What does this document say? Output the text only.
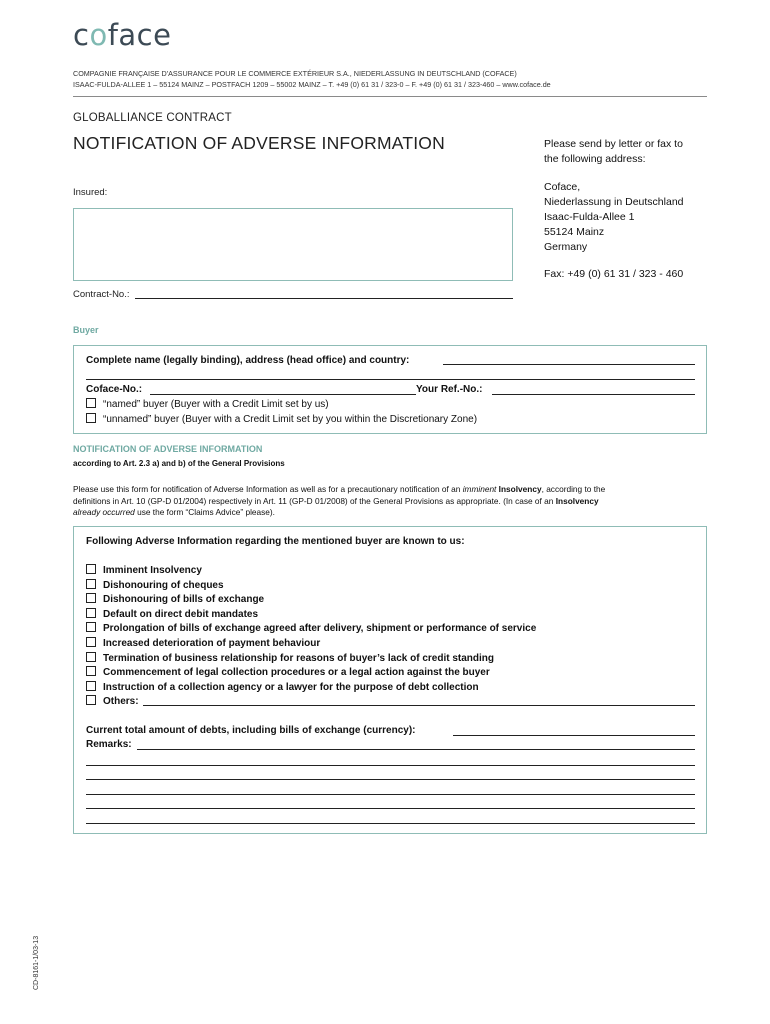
coface
COMPAGNIE FRANÇAISE D'ASSURANCE POUR LE COMMERCE EXTÉRIEUR S.A., NIEDERLASSUNG IN DEUTSCHLAND (COFACE)
ISAAC-FULDA-ALLEE 1 – 55124 MAINZ – POSTFACH 1209 – 55002 MAINZ – T. +49 (0) 61 31 / 323-0 – F. +49 (0) 61 31 / 323-460 – www.coface.de
GLOBALLIANCE CONTRACT
NOTIFICATION OF ADVERSE INFORMATION	Please send by letter or fax to
the following address:
Coface,
Niederlassung in Deutschland
Isaac-Fulda-Allee 1
55124 Mainz
Germany
Fax: +49 (0) 61 31 / 323 - 460
Insured:
Contract-No.:
Buyer
Complete name (legally binding), address (head office) and country:
Coface-No.:	Your Ref.-No.:
“named” buyer (Buyer with a Credit Limit set by us)
“unnamed” buyer (Buyer with a Credit Limit set by you within the Discretionary Zone)
NOTIFICATION OF ADVERSE INFORMATION
according to Art. 2.3 a) and b) of the General Provisions
Please use this form for notification of Adverse Information as well as for a precautionary notification of an imminent Insolvency, according to the
definitions in Art. 10 (GP-D 01/2004) respectively in Art. 11 (GP-D 01/2008) of the General Provisions as appropriate. (In case of an Insolvency
already occurred use the form “Claims Advice” please).
Following Adverse Information regarding the mentioned buyer are known to us:
Imminent Insolvency
Dishonouring of cheques
Dishonouring of bills of exchange
Default on direct debit mandates
Prolongation of bills of exchange agreed after delivery, shipment or performance of service
Increased deterioration of payment behaviour
Termination of business relationship for reasons of buyer’s lack of credit standing
Commencement of legal collection procedures or a legal action against the buyer
Instruction of a collection agency or a lawyer for the purpose of debt collection
Others:
Current total amount of debts, including bills of exchange (currency):
Remarks:
CD-8161-1/03-13
